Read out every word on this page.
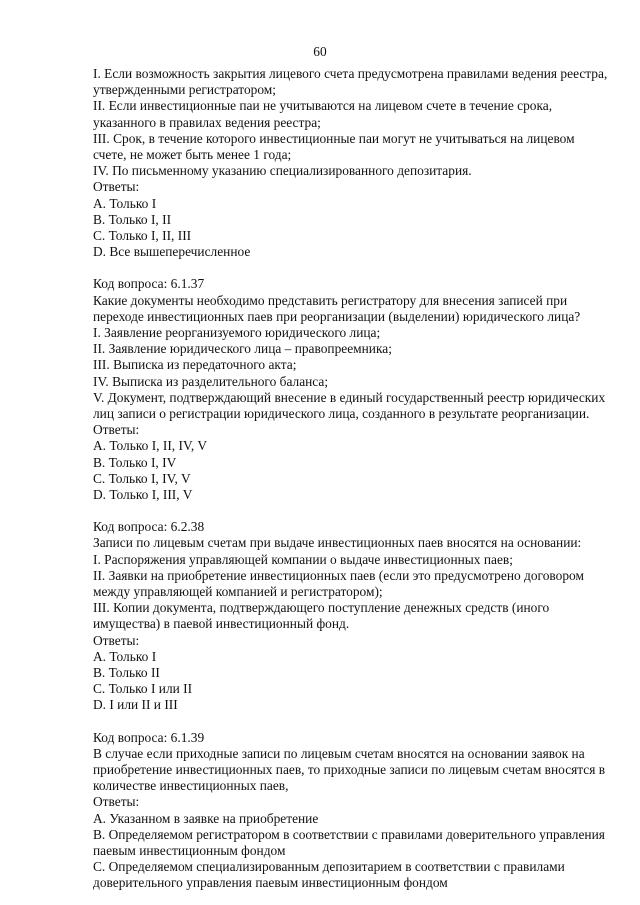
60
I. Если возможность закрытия лицевого счета предусмотрена правилами ведения реестра,
утвержденными регистратором;
II. Если инвестиционные паи не учитываются на лицевом счете в течение срока,
указанного в правилах ведения реестра;
III. Срок, в течение которого инвестиционные паи могут не учитываться на лицевом
счете, не может быть менее 1 года;
IV. По письменному указанию специализированного депозитария.
Ответы:
A. Только I
B. Только I, II
C. Только I, II, III
D. Все вышеперечисленное
Код вопроса: 6.1.37
Какие документы необходимо представить регистратору для внесения записей при
переходе инвестиционных паев при реорганизации (выделении) юридического лица?
I. Заявление реорганизуемого юридического лица;
II. Заявление юридического лица – правопреемника;
III. Выписка из передаточного акта;
IV. Выписка из разделительного баланса;
V. Документ, подтверждающий внесение в единый государственный реестр юридических
лиц записи о регистрации юридического лица, созданного в результате реорганизации.
Ответы:
A. Только I, II, IV, V
B. Только I, IV
C. Только I, IV, V
D. Только I, III, V
Код вопроса: 6.2.38
Записи по лицевым счетам при выдаче инвестиционных паев вносятся на основании:
I. Распоряжения управляющей компании о выдаче инвестиционных паев;
II. Заявки на приобретение инвестиционных паев (если это предусмотрено договором
между управляющей компанией и регистратором);
III. Копии документа, подтверждающего поступление денежных средств (иного
имущества) в паевой инвестиционный фонд.
Ответы:
A. Только I
B. Только II
C. Только I или II
D. I или II и III
Код вопроса: 6.1.39
В случае если приходные записи по лицевым счетам вносятся на основании заявок на
приобретение инвестиционных паев, то приходные записи по лицевым счетам вносятся в
количестве инвестиционных паев,
Ответы:
A. Указанном в заявке на приобретение
B. Определяемом регистратором в соответствии с правилами доверительного управления
паевым инвестиционным фондом
C. Определяемом специализированным депозитарием в соответствии с правилами
доверительного управления паевым инвестиционным фондом
